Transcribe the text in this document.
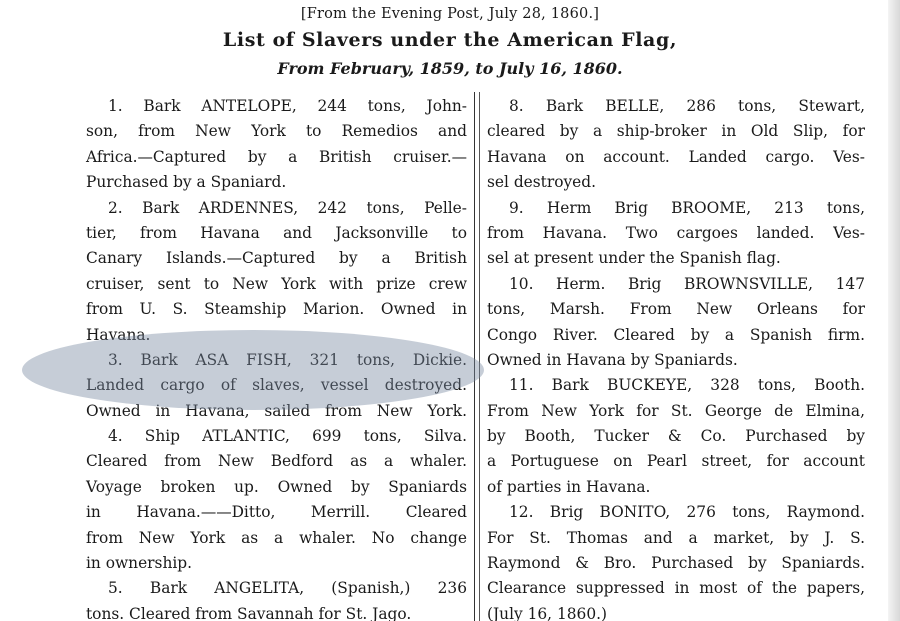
[From the Evening Post, July 28, 1860.]
List of Slavers under the American Flag,
From February, 1859, to July 16, 1860.
1. Bark ANTELOPE, 244 tons, John-
son, from New York to Remedios and
Africa.—Captured by a British cruiser.—
Purchased by a Spaniard.
2. Bark ARDENNES, 242 tons, Pelle-
tier, from Havana and Jacksonville to
Canary Islands.—Captured by a British
cruiser, sent to New York with prize crew
from U. S. Steamship Marion. Owned in
Havana.
3. Bark ASA FISH, 321 tons, Dickie.
Landed cargo of slaves, vessel destroyed.
Owned in Havana, sailed from New York.
4. Ship ATLANTIC, 699 tons, Silva.
Cleared from New Bedford as a whaler.
Voyage broken up. Owned by Spaniards
in Havana.——Ditto, Merrill. Cleared
from New York as a whaler. No change
in ownership.
5. Bark ANGELITA, (Spanish,) 236
tons. Cleared from Savannah for St. Jago.
8. Bark BELLE, 286 tons, Stewart,
cleared by a ship-broker in Old Slip, for
Havana on account. Landed cargo. Ves-
sel destroyed.
9. Herm Brig BROOME, 213 tons,
from Havana. Two cargoes landed. Ves-
sel at present under the Spanish flag.
10. Herm. Brig BROWNSVILLE, 147
tons, Marsh. From New Orleans for
Congo River. Cleared by a Spanish firm.
Owned in Havana by Spaniards.
11. Bark BUCKEYE, 328 tons, Booth.
From New York for St. George de Elmina,
by Booth, Tucker & Co. Purchased by
a Portuguese on Pearl street, for account
of parties in Havana.
12. Brig BONITO, 276 tons, Raymond.
For St. Thomas and a market, by J. S.
Raymond & Bro. Purchased by Spaniards.
Clearance suppressed in most of the papers,
(July 16, 1860.)
